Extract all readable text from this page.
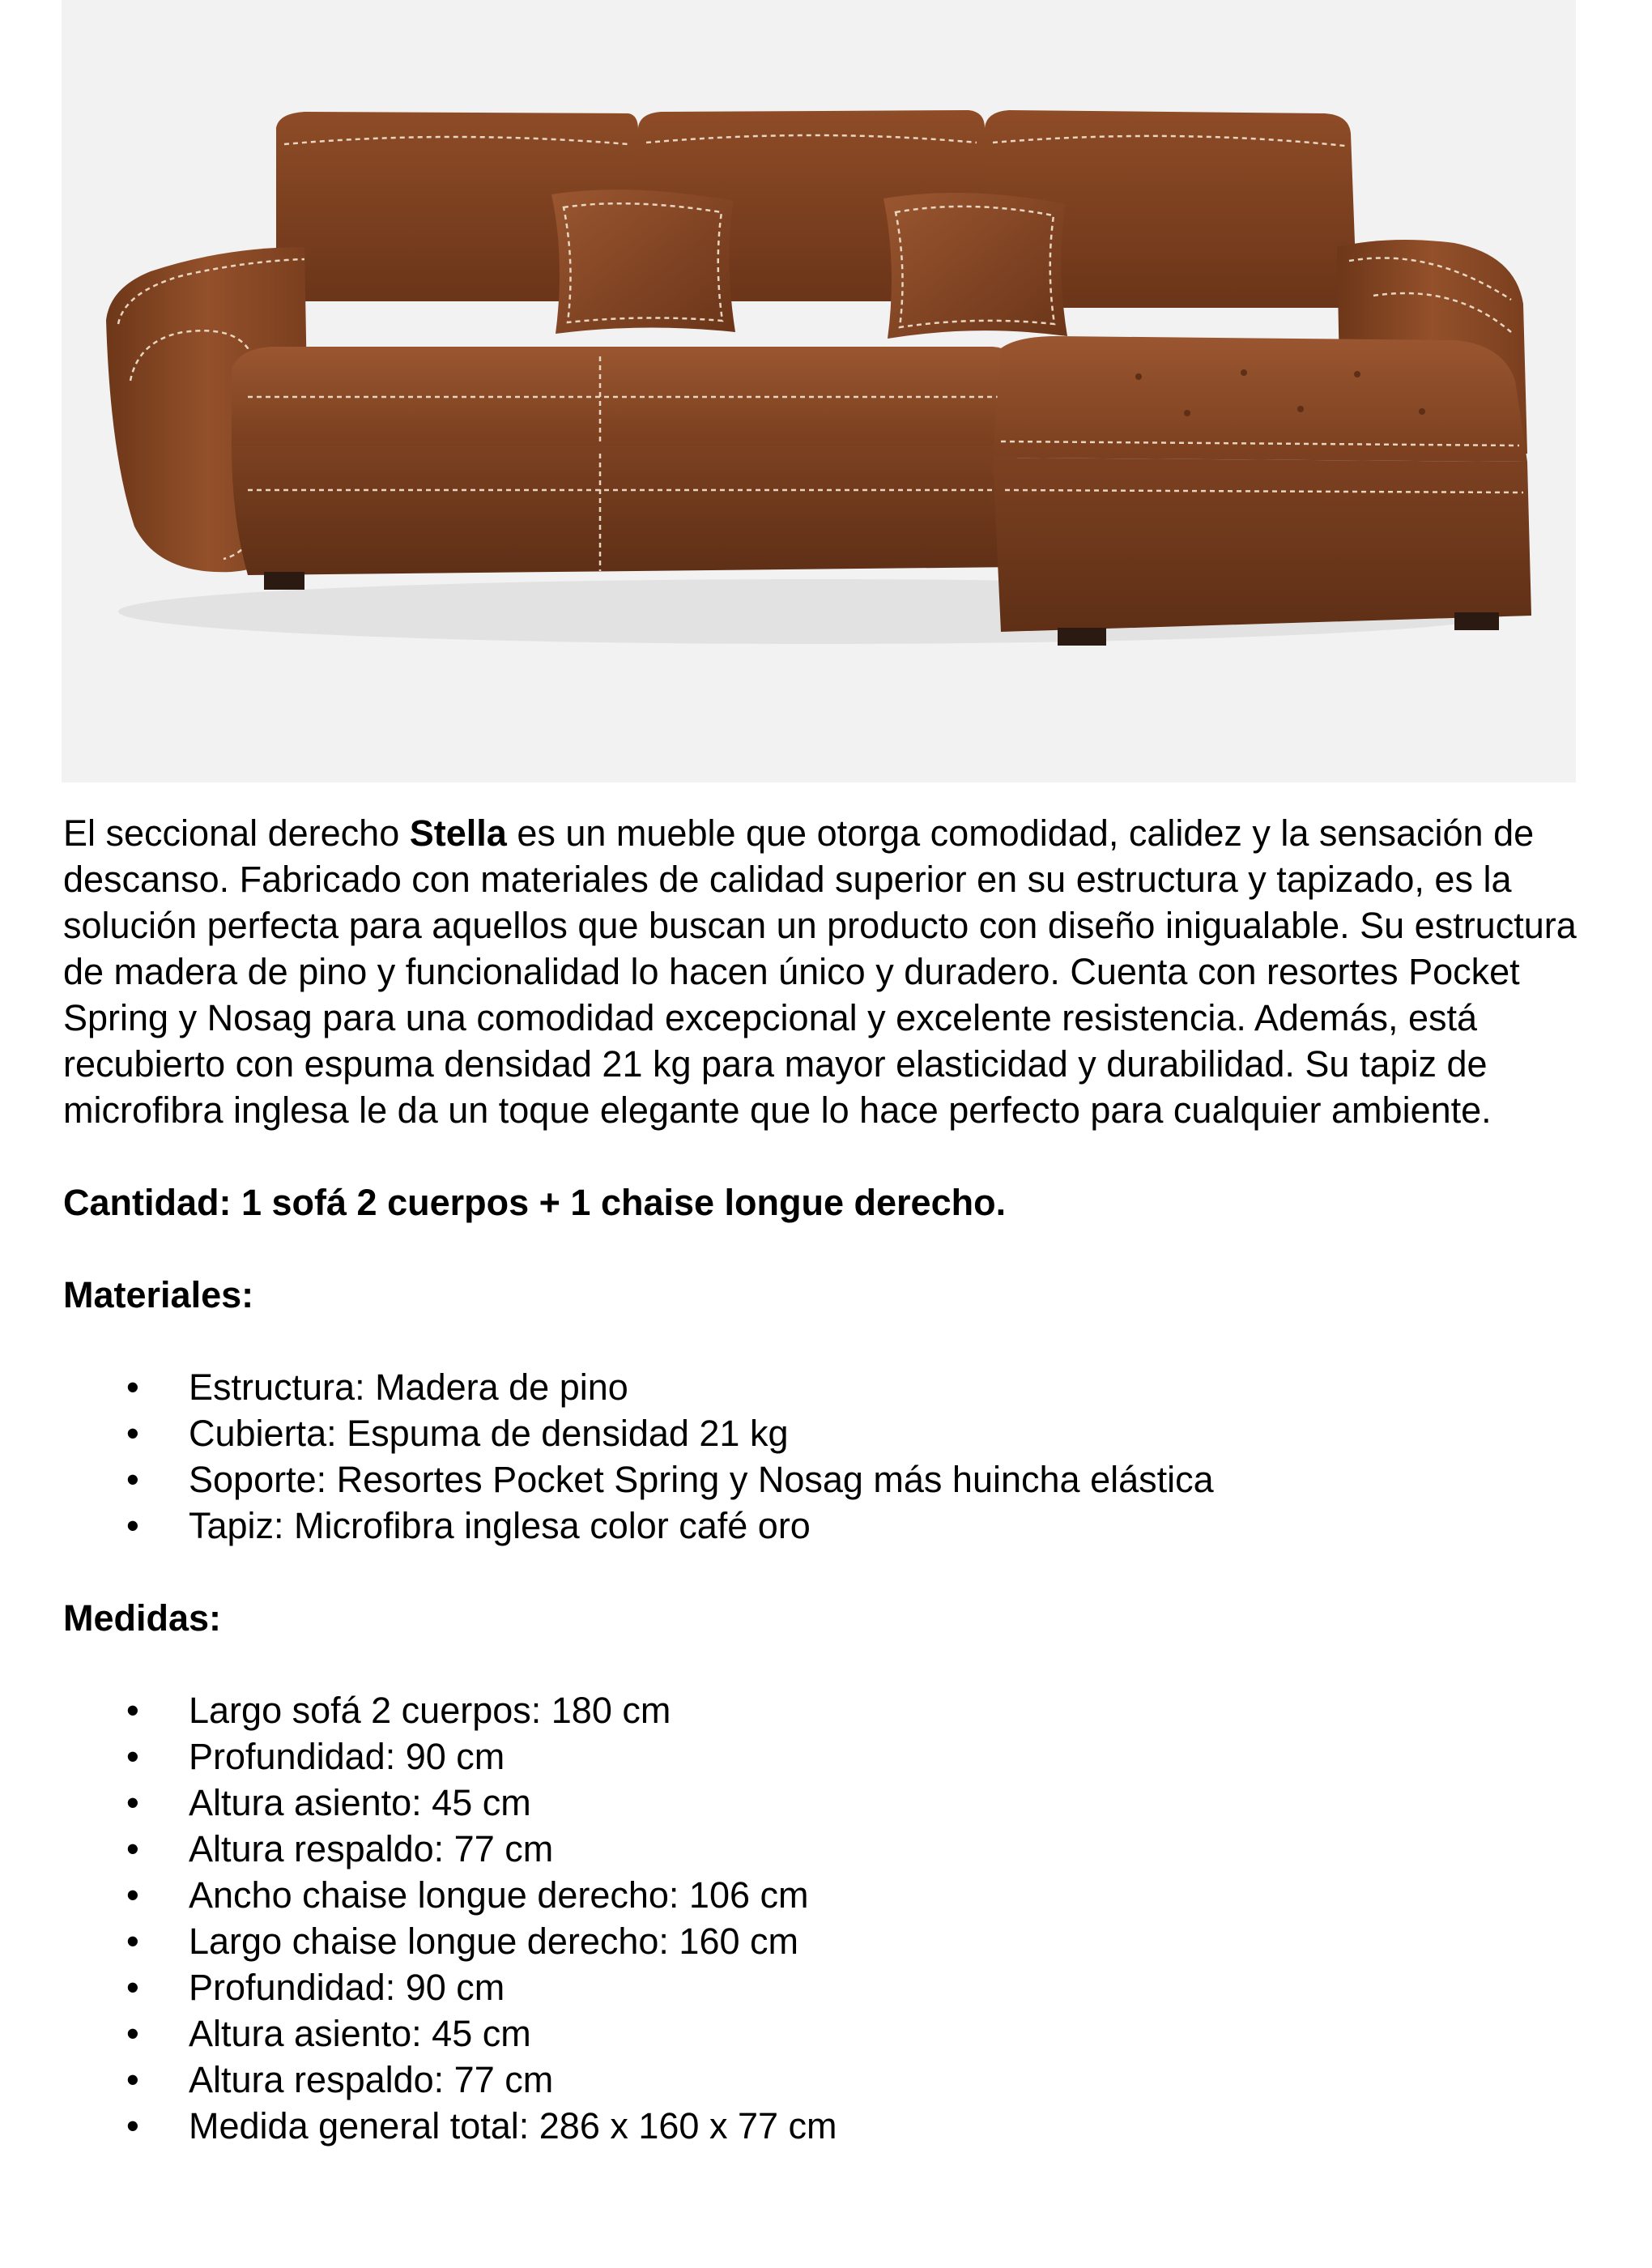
El seccional derecho Stella es un mueble que otorga comodidad, calidez y la sensación de descanso. Fabricado con materiales de calidad superior en su estructura y tapizado, es la solución perfecta para aquellos que buscan un producto con diseño inigualable. Su estructura de madera de pino y funcionalidad lo hacen único y duradero. Cuenta con resortes Pocket Spring y Nosag para una comodidad excepcional y excelente resistencia. Además, está recubierto con espuma densidad 21 kg para mayor elasticidad y durabilidad. Su tapiz de microfibra inglesa le da un toque elegante que lo hace perfecto para cualquier ambiente.

Cantidad: 1 sofá 2 cuerpos + 1 chaise longue derecho.

Materiales:

• Estructura: Madera de pino
• Cubierta: Espuma de densidad 21 kg
• Soporte: Resortes Pocket Spring y Nosag más huincha elástica
• Tapiz: Microfibra inglesa color café oro

Medidas:

• Largo sofá 2 cuerpos: 180 cm
• Profundidad: 90 cm
• Altura asiento: 45 cm
• Altura respaldo: 77 cm
• Ancho chaise longue derecho: 106 cm
• Largo chaise longue derecho: 160 cm
• Profundidad: 90 cm
• Altura asiento: 45 cm
• Altura respaldo: 77 cm
• Medida general total: 286 x 160 x 77 cm
